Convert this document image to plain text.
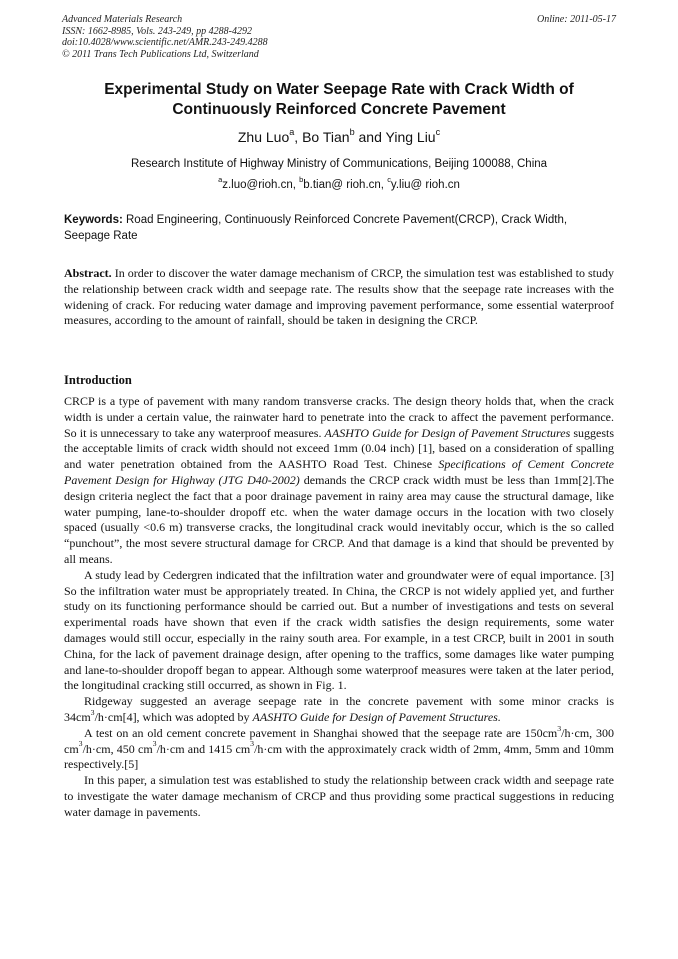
Advanced Materials Research
ISSN: 1662-8985, Vols. 243-249, pp 4288-4292
doi:10.4028/www.scientific.net/AMR.243-249.4288
© 2011 Trans Tech Publications Ltd, Switzerland
Online: 2011-05-17
Experimental Study on Water Seepage Rate with Crack Width of
Continuously Reinforced Concrete Pavement
Zhu Luo$^a$, Bo Tian$^b$ and Ying Liu$^c$
Research Institute of Highway Ministry of Communications, Beijing 100088, China
$^a$z.luo@rioh.cn, $^b$b.tian@ rioh.cn, $^c$y.liu@ rioh.cn
Keywords: Road Engineering, Continuously Reinforced Concrete Pavement(CRCP), Crack Width, Seepage Rate
Abstract. In order to discover the water damage mechanism of CRCP, the simulation test was established to study the relationship between crack width and seepage rate. The results show that the seepage rate increases with the widening of crack. For reducing water damage and improving pavement performance, some essential waterproof measures, according to the amount of rainfall, should be taken in designing the CRCP.
Introduction

CRCP is a type of pavement with many random transverse cracks. The design theory holds that, when the crack width is under a certain value, the rainwater hard to penetrate into the crack to affect the pavement performance. So it is unnecessary to take any waterproof measures. AASHTO Guide for Design of Pavement Structures suggests the acceptable limits of crack width should not exceed 1mm (0.04 inch) [1], based on a consideration of spalling and water penetration obtained from the AASHTO Road Test. Chinese Specifications of Cement Concrete Pavement Design for Highway (JTG D40-2002) demands the CRCP crack width must be less than 1mm[2].The design criteria neglect the fact that a poor drainage pavement in rainy area may cause the structural damage, like water pumping, lane-to-shoulder dropoff etc. when the water damage occurs in the location with two closely spaced (usually <0.6 m) transverse cracks, the longitudinal crack would inevitably occur, which is the so called “punchout”, the most severe structural damage for CRCP. And that damage is a kind that should be prevented by all means.

A study lead by Cedergren indicated that the infiltration water and groundwater were of equal importance. [3] So the infiltration water must be appropriately treated. In China, the CRCP is not widely applied yet, and further study on its functioning performance should be carried out. But a number of investigations and tests on several experimental roads have shown that even if the crack width satisfies the design requirements, some water damages would still occur, especially in the rainy south area. For example, in a test CRCP, built in 2001 in south China, for the lack of pavement drainage design, after opening to the traffics, some damages like water pumping and lane-to-shoulder dropoff began to appear. Although some waterproof measures were taken at the later period, the longitudinal cracking still occurred, as shown in Fig. 1.

Ridgeway suggested an average seepage rate in the concrete pavement with some minor cracks is $34cm^3/h\cdot cm[4]$, which was adopted by AASHTO Guide for Design of Pavement Structures.

A test on an old cement concrete pavement in Shanghai showed that the seepage rate are $150cm^3/h\cdot cm$, 300 $cm^3/h\cdot cm$, 450 $cm^3/h\cdot cm$ and 1415 $cm^3/h\cdot cm$ with the approximately crack width of 2mm, 4mm, 5mm and 10mm respectively.[5]

In this paper, a simulation test was established to study the relationship between crack width and seepage rate to investigate the water damage mechanism of CRCP and thus providing some practical suggestions in reducing water damage in pavements.
